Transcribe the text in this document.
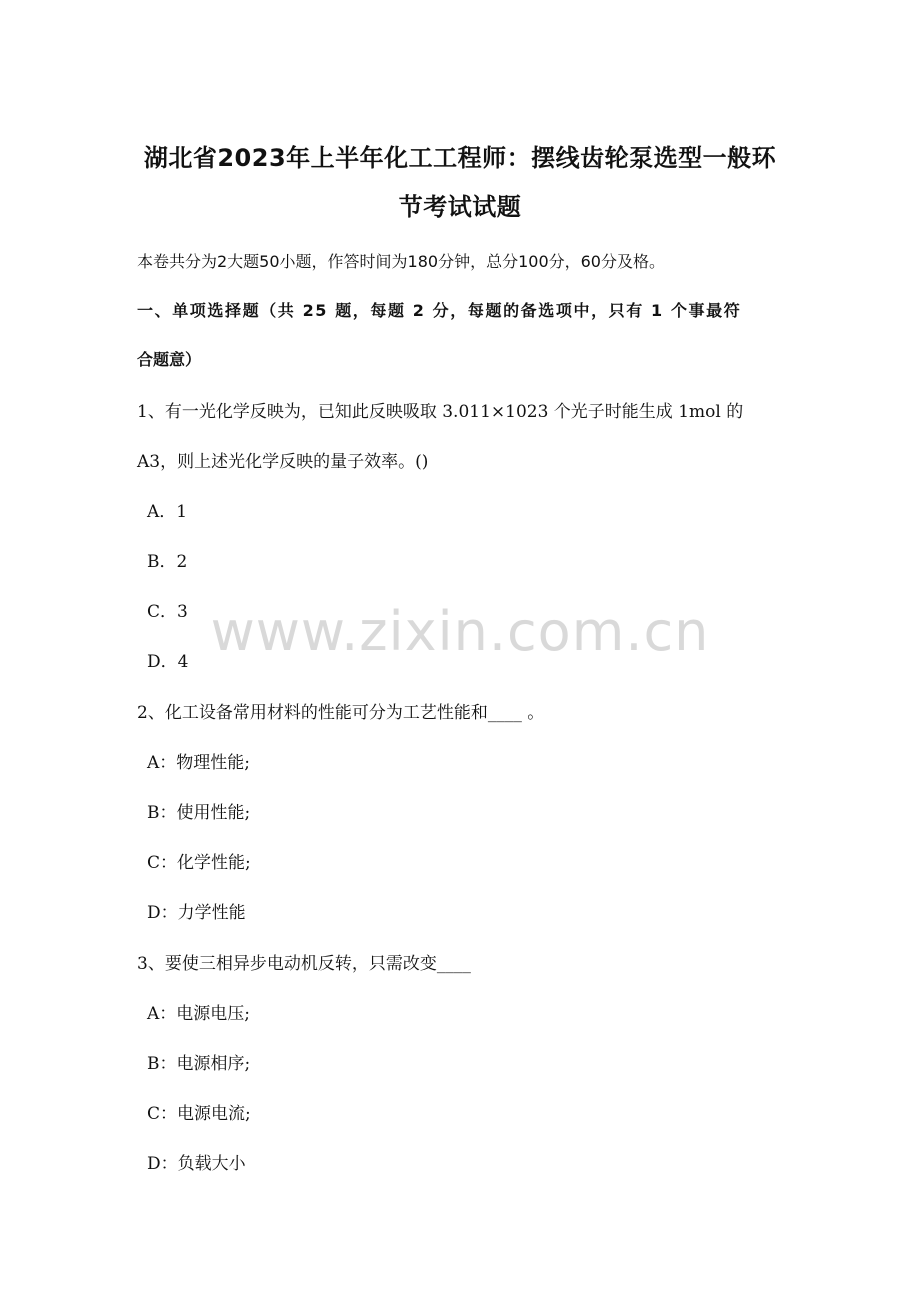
www.zixin.com.cn
湖北省2023年上半年化工工程师：摆线齿轮泵选型一般环
节考试试题
本卷共分为2大题50小题，作答时间为180分钟，总分100分，60分及格。
一、单项选择题（共 25 题，每题 2 分，每题的备选项中，只有 1 个事最符
合题意）
1、有一光化学反映为，已知此反映吸取 3.011×1023 个光子时能生成 1mol 的
A3，则上述光化学反映的量子效率。()
A．1
B．2
C．3
D．4
2、化工设备常用材料的性能可分为工艺性能和____ 。
A：物理性能;
B：使用性能;
C：化学性能;
D：力学性能
3、要使三相异步电动机反转，只需改变____
A：电源电压;
B：电源相序;
C：电源电流;
D：负载大小
